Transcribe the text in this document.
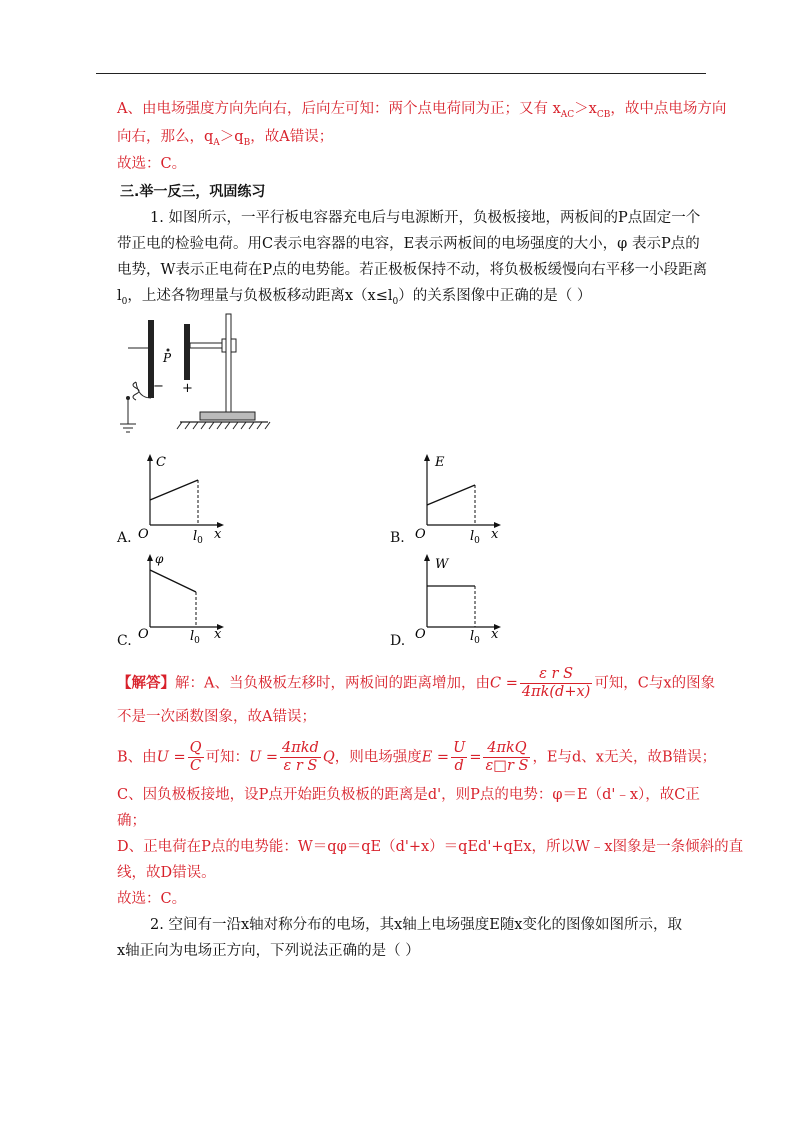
A、由电场强度方向先向右，后向左可知：两个点电荷同为正；又有 $x_{AC}>x_{CB}$，故中点电场方向
向右，那么，$q_A>q_B$，故A错误；
故选：C。
三.举一反三，巩固练习
1. 如图所示，一平行板电容器充电后与电源断开，负极板接地，两板间的P点固定一个
带正电的检验电荷。用C表示电容器的电容，E表示两板间的电场强度的大小，φ 表示P点的
电势，W表示正电荷在P点的电势能。若正极板保持不动，将负极板缓慢向右平移一小段距离
$l_0$，上述各物理量与负极板移动距离$x(x\le l_0)$的关系图像中正确的是（ ）
P
− +
A.
C
O	$l_0$ x	B.
E
O	$l_0$ x
C.
φ
O	$l_0$ x	D.
W
O	$l_0$ x
【解答】解：A、当负极板左移时，两板间的距离增加，由$C = \frac{\text{ε r S}}{4\pi k(d+x)}$ 可知，C与x的图象
不是一次函数图象，故A错误；
B、由$U = \frac{Q}{C}$ 可知：$U = \frac{\text{4πkd}}{\text{ε r S}}$ Q，则电场强度$E = \frac{U}{d} = \frac{\text{4πkQ}}{\text{ε□r S}}$ ，E与d、x无关，故B错误；
C、因负极板接地，设P点开始距负极板的距离是d'，则P点的电势：φ＝E（d'﹣x），故C正
确；
D、正电荷在P点的电势能：W＝qφ＝qE（d'+x）＝qEd'+qEx，所以W﹣x图象是一条倾斜的直
线，故D错误。
故选：C。
2. 空间有一沿x轴对称分布的电场，其x轴上电场强度E随x变化的图像如图所示，取
x轴正向为电场正方向，下列说法正确的是（ ）
